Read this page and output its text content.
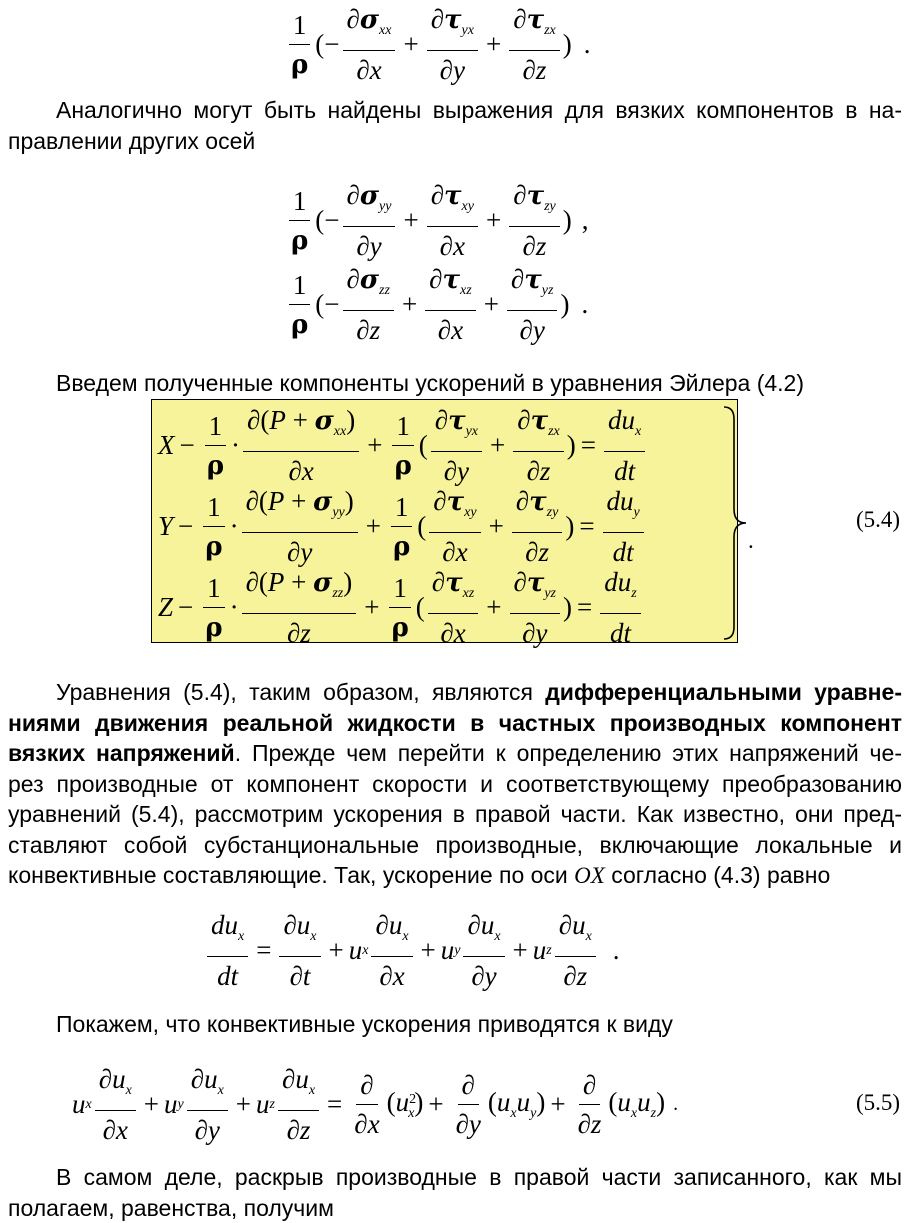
$\frac{1}{\rho}$ (− $\frac{\partial\sigma_{xx}}{\partial x} + \frac{\partial\tau_{yx}}{\partial y} + \frac{\partial\tau_{zx}}{\partial z}$ ) .
Аналогично могут быть найдены выражения для вязких компонентов в на-
правлении других осей
$\frac{1}{\rho}$ (− $\frac{\partial\sigma_{yy}}{\partial y} + \frac{\partial\tau_{xy}}{\partial x} + \frac{\partial\tau_{zy}}{\partial z}$ ) ,
$\frac{1}{\rho}$ (− $\frac{\partial\sigma_{zz}}{\partial z} + \frac{\partial\tau_{xz}}{\partial x} + \frac{\partial\tau_{yz}}{\partial y}$ ) .
Введем полученные компоненты ускорений в уравнения Эйлера (4.2)
$X - \frac{1}{\rho} \cdot \frac{\partial(P + \sigma_{xx})}{\partial x} + \frac{1}{\rho}$ ( $\frac{\partial\tau_{yx}}{\partial y} + \frac{\partial\tau_{zx}}{\partial z}$ ) = $\frac{du_x}{dt}$
$Y - \frac{1}{\rho} \cdot \frac{\partial(P + \sigma_{yy})}{\partial y} + \frac{1}{\rho}$ ( $\frac{\partial\tau_{xy}}{\partial x} + \frac{\partial\tau_{zy}}{\partial z}$ ) = $\frac{du_y}{dt}$
$Z - \frac{1}{\rho} \cdot \frac{\partial(P + \sigma_{zz})}{\partial z} + \frac{1}{\rho}$ ( $\frac{\partial\tau_{xz}}{\partial x} + \frac{\partial\tau_{yz}}{\partial y}$ ) = $\frac{du_z}{dt}$
.
(5.4)
Уравнения (5.4), таким образом, являются дифференциальными уравне-
ниями движения реальной жидкости в частных производных компонент
вязких напряжений. Прежде чем перейти к определению этих напряжений че-
рез производные от компонент скорости и соответствующему преобразованию
уравнений (5.4), рассмотрим ускорения в правой части. Как известно, они пред-
ставляют собой субстанциональные производные, включающие локальные и
конвективные составляющие. Так, ускорение по оси OX согласно (4.3) равно
$\frac{du_x}{dt} = \frac{\partial u_x}{\partial t} + u$ x $\frac{\partial u_x}{\partial x} + u$ y $\frac{\partial u_x}{\partial y} + u$ z $\frac{\partial u_x}{\partial z}$ .
Покажем, что конвективные ускорения приводятся к виду
u x $\frac{\partial u_x}{\partial x} + u$ y $\frac{\partial u_x}{\partial y} + u$ z $\frac{\partial u_x}{\partial z} = \frac{\partial}{\partial x} (u^2_x) + \frac{\partial}{\partial y} (u_xu_y) + \frac{\partial}{\partial z} (u_xu_z)$ .	(5.5)
В самом деле, раскрыв производные в правой части записанного, как мы
полагаем, равенства, получим
